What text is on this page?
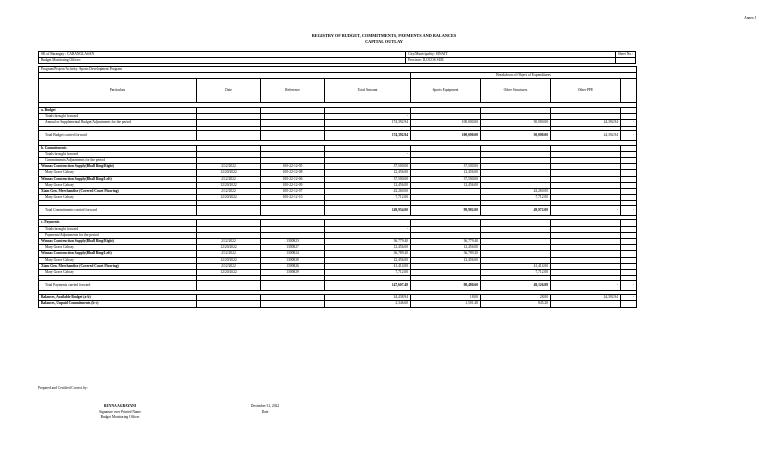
Annex J
REGISTRY OF BUDGET, COMMITMENTS, PAYMENTS AND BALANCES
CAPITAL OUTLAY
SK of Barangay : CABANGLASAN	City/Municipality: SINAIT	Sheet No.:
Budget Monitoring Officer:	Province: ILOCOS SUR	
Program/Project/Activity: Sports Development Program							
				Breakdown of Object of Expenditures			
Particulars	Date	Reference	Total Amount	Sports Equipment	Other Structures	Other PPE	

a. Budget							
Totals brought forward			-				
Annual or Supplemental Budget/Adjustments for the period			174,392.94	100,000.00	50,000.00	24,392.94	-

Total Budget carried forward			174,392.94	100,000.00	50,000.00	24,392.94	-

b. Commitments							
Totals brought forward			-				
Commitments/Adjustments for the period							
Winnas Construction Supply(Bball Ring/Right)	2/12/2022	100-22-12-05	37,500.00	37,500.00			
Mary Grace Cabcay	12/20/2022	100-22-12-08	12,456.00	12,456.00			
Winnas Construction Supply(Bball Ring/Left)	2/12/2022	100-22-12-06	37,500.00	37,500.00			
Mary Grace Cabcay	12/20/2022	100-22-12-09	12,456.00	12,456.00			
Xiam Gen. Merchandise (Covered Court Flooring)	2/12/2022	100-22-12-07	42,260.00		42,260.00		
Mary Grace Cabcay	12/20/2022	100-22-12-10	7,712.00		7,712.00		

Total Commitments carried forward			149,954.00	99,982.00	49,972.00	-	-

c. Payments							
Totals brought forward			-				
Payments/Adjustments for the period							
Winnas Construction Supply(Bball Ring/Right)	2/12/2022	1300823	36,779.40	36,779.40			
Mary Grace Cabcay	12/20/2022	1300827	12,456.00	12,456.00			
Winnas Construction Supply(Bball Ring/Left)	2/12/2022	1300824	36,789.20	36,789.20			
Mary Grace Cabcay	12/20/2022	1300828	12,456.00	12,456.00			
Xiam Gen. Merchandise (Covered Court Flooring)	2/12/2022	1300826	41,414.00		41,414.00		
Mary Grace Cabcay	12/20/2022	1300829	7,712.00		7,712.00		

Total Payments carried forward			147,607.48	98,480.60	49,126.88	-	-

Balances, Available Budget (a-b)			24,438.94	18.00	28.00	24,392.94	-
Balances, Unpaid Commitments (b-c)			2,346.60	1,501.40	845.20		
Prepared and Certified Correct by:
REYNA AGBAYANI
Signature over Printed Name
Budget Monitoring Officer
December 31, 2022
Date
